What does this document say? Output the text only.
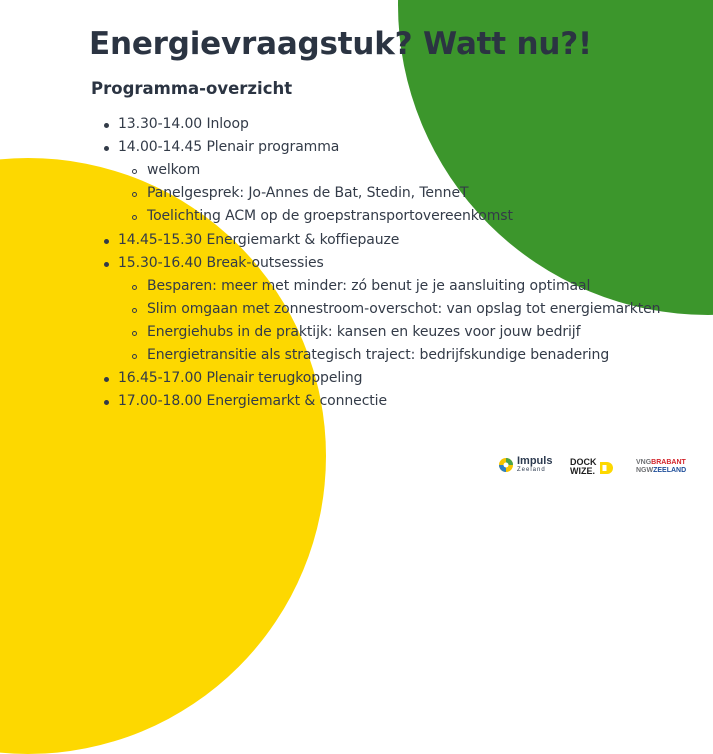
Energievraagstuk? Watt nu?!
Programma-overzicht
13.30-14.00 Inloop
14.00-14.45 Plenair programma
welkom
Panelgesprek: Jo-Annes de Bat, Stedin, TenneT
Toelichting ACM op de groepstransportovereenkomst
14.45-15.30 Energiemarkt & koffiepauze
15.30-16.40 Break-outsessies
Besparen: meer met minder: zó benut je je aansluiting optimaal
Slim omgaan met zonnestroom-overschot: van opslag tot energiemarkten
Energiehubs in de praktijk: kansen en keuzes voor jouw bedrijf
Energietransitie als strategisch traject: bedrijfskundige benadering
16.45-17.00 Plenair terugkoppeling
17.00-18.00 Energiemarkt & connectie
Impuls
Zeeland
DOCK
WIZE.
VNGBRABANT
NGWZEELAND
